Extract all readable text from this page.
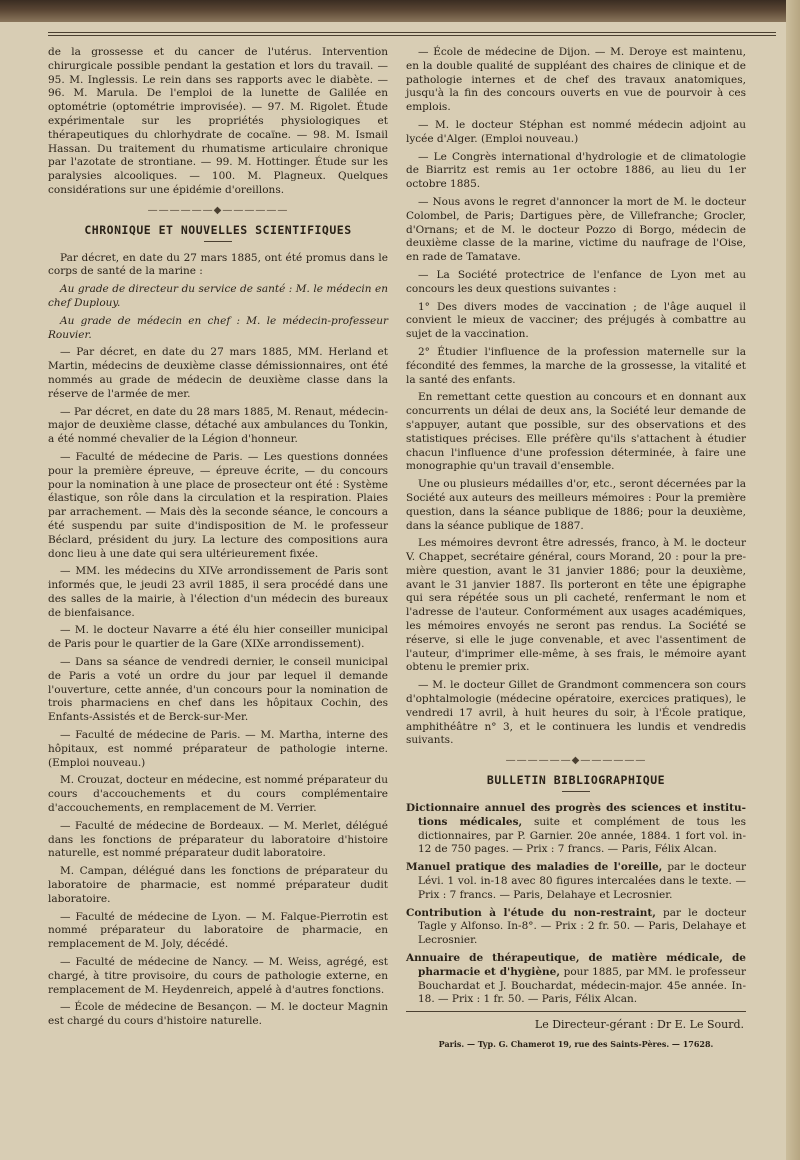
de la grossesse et du cancer de l'utérus. Intervention chirurgicale possible pendant la gestation et lors du travail. — 95. M. Inglessis. Le rein dans ses rapports avec le diabète. — 96. M. Marula. De l'emploi de la lunette de Galilée en optométrie (optométrie improvisée). — 97. M. Rigolet. Étude expérimentale sur les propriétés physiologiques et thérapeutiques du chlorhydrate de cocaïne. — 98. M. Ismail Hassan. Du traitement du rhumatisme articulaire chronique par l'azotate de strontiane. — 99. M. Hottinger. Étude sur les paralysies alcooliques. — 100. M. Plagneux. Quelques considérations sur une épidémie d'oreillons.

——————◆——————
CHRONIQUE ET NOUVELLES SCIENTIFIQUES

Par décret, en date du 27 mars 1885, ont été promus dans le corps de santé de la marine :

Au grade de directeur du service de santé : M. le médecin en chef Duplouy.

Au grade de médecin en chef : M. le médecin-professeur Rouvier.

— Par décret, en date du 27 mars 1885, MM. Herland et Martin, médecins de deuxième classe démissionnaires, ont été nommés au grade de médecin de deuxième classe dans la réserve de l'armée de mer.

— Par décret, en date du 28 mars 1885, M. Renaut, médecin-major de deuxième classe, détaché aux ambulances du Tonkin, a été nommé chevalier de la Légion d'honneur.

— Faculté de médecine de Paris. — Les questions données pour la première épreuve, — épreuve écrite, — du concours pour la nomination à une place de prosecteur ont été : Système élastique, son rôle dans la circulation et la respiration. Plaies par arrachement. — Mais dès la seconde séance, le concours a été suspendu par suite d'indisposition de M. le professeur Béclard, président du jury. La lecture des compositions aura donc lieu à une date qui sera ultérieurement fixée.

— MM. les médecins du XIVe arrondissement de Paris sont informés que, le jeudi 23 avril 1885, il sera procédé dans une des salles de la mairie, à l'élection d'un médecin des bureaux de bienfaisance.

— M. le docteur Navarre a été élu hier conseiller municipal de Paris pour le quartier de la Gare (XIXe arrondissement).

— Dans sa séance de vendredi dernier, le conseil municipal de Paris a voté un ordre du jour par lequel il demande l'ouverture, cette année, d'un concours pour la nomination de trois pharmaciens en chef dans les hôpitaux Cochin, des Enfants-Assistés et de Berck-sur-Mer.

— Faculté de médecine de Paris. — M. Martha, interne des hôpitaux, est nommé préparateur de pathologie interne. (Emploi nouveau.)

M. Crouzat, docteur en médecine, est nommé préparateur du cours d'accouchements et du cours complémentaire d'accouchements, en remplacement de M. Verrier.

— Faculté de médecine de Bordeaux. — M. Merlet, délégué dans les fonctions de préparateur du laboratoire d'histoire naturelle, est nommé préparateur dudit laboratoire.

M. Campan, délégué dans les fonctions de préparateur du laboratoire de pharmacie, est nommé préparateur dudit laboratoire.

— Faculté de médecine de Lyon. — M. Falque-Pierrotin est nommé préparateur du laboratoire de pharmacie, en remplacement de M. Joly, décédé.

— Faculté de médecine de Nancy. — M. Weiss, agrégé, est chargé, à titre provisoire, du cours de pathologie externe, en remplacement de M. Heydenreich, appelé à d'autres fonctions.

— École de médecine de Besançon. — M. le docteur Magnin est chargé du cours d'histoire naturelle.

— École de médecine de Dijon. — M. Deroye est maintenu, en la double qualité de suppléant des chaires de clinique et de pathologie internes et de chef des travaux anatomiques, jusqu'à la fin des concours ouverts en vue de pourvoir à ces emplois.

— M. le docteur Stéphan est nommé médecin adjoint au lycée d'Alger. (Emploi nouveau.)

— Le Congrès international d'hydrologie et de climatologie de Biarritz est remis au 1er octobre 1886, au lieu du 1er octobre 1885.

— Nous avons le regret d'annoncer la mort de M. le docteur Colombel, de Paris; Dartigues père, de Villefranche; Grocler, d'Ornans; et de M. le docteur Pozzo di Borgo, médecin de deuxième classe de la marine, victime du naufrage de l'Oise, en rade de Tamatave.

— La Société protectrice de l'enfance de Lyon met au concours les deux questions suivantes :

1° Des divers modes de vaccination ; de l'âge auquel il convient le mieux de vacciner; des préjugés à combattre au sujet de la vaccination.

2° Étudier l'influence de la profession maternelle sur la fécondité des femmes, la marche de la grossesse, la vitalité et la santé des enfants.

En remettant cette question au concours et en donnant aux concurrents un délai de deux ans, la Société leur demande de s'appuyer, autant que possible, sur des observations et des statistiques précises. Elle préfère qu'ils s'attachent à étudier chacun l'influence d'une profession déterminée, à faire une monographie qu'un travail d'ensemble.

Une ou plusieurs médailles d'or, etc., seront décernées par la Société aux auteurs des meilleurs mémoires : Pour la première question, dans la séance publique de 1886; pour la deuxième, dans la séance publique de 1887.

Les mémoires devront être adressés, franco, à M. le docteur V. Chappet, secrétaire général, cours Morand, 20 : pour la première question, avant le 31 janvier 1886; pour la deuxième, avant le 31 janvier 1887. Ils porteront en tête une épigraphe qui sera répétée sous un pli cacheté, renfermant le nom et l'adresse de l'auteur. Conformément aux usages académiques, les mémoires envoyés ne seront pas rendus. La Société se réserve, si elle le juge convenable, et avec l'assentiment de l'auteur, d'imprimer elle-même, à ses frais, le mémoire ayant obtenu le premier prix.

— M. le docteur Gillet de Grandmont commencera son cours d'ophtalmologie (médecine opératoire, exercices pratiques), le vendredi 17 avril, à huit heures du soir, à l'École pratique, amphithéâtre n° 3, et le continuera les lundis et vendredis suivants.

——————◆——————
BULLETIN BIBLIOGRAPHIQUE

Dictionnaire annuel des progrès des sciences et institutions médicales, suite et complément de tous les dictionnaires, par P. Garnier. 20e année, 1884. 1 fort vol. in-12 de 750 pages. — Prix : 7 francs. — Paris, Félix Alcan.

Manuel pratique des maladies de l'oreille, par le docteur Lévi. 1 vol. in-18 avec 80 figures intercalées dans le texte. — Prix : 7 francs. — Paris, Delahaye et Lecrosnier.

Contribution à l'étude du non-restraint, par le docteur Tagle y Alfonso. In-8°. — Prix : 2 fr. 50. — Paris, Delahaye et Lecrosnier.

Annuaire de thérapeutique, de matière médicale, de pharmacie et d'hygiène, pour 1885, par MM. le professeur Bouchardat et J. Bouchardat, médecin-major. 45e année. In-18. — Prix : 1 fr. 50. — Paris, Félix Alcan.

Le Directeur-gérant : Dr E. Le Sourd.
Paris. — Typ. G. Chamerot 19, rue des Saints-Pères. — 17628.
